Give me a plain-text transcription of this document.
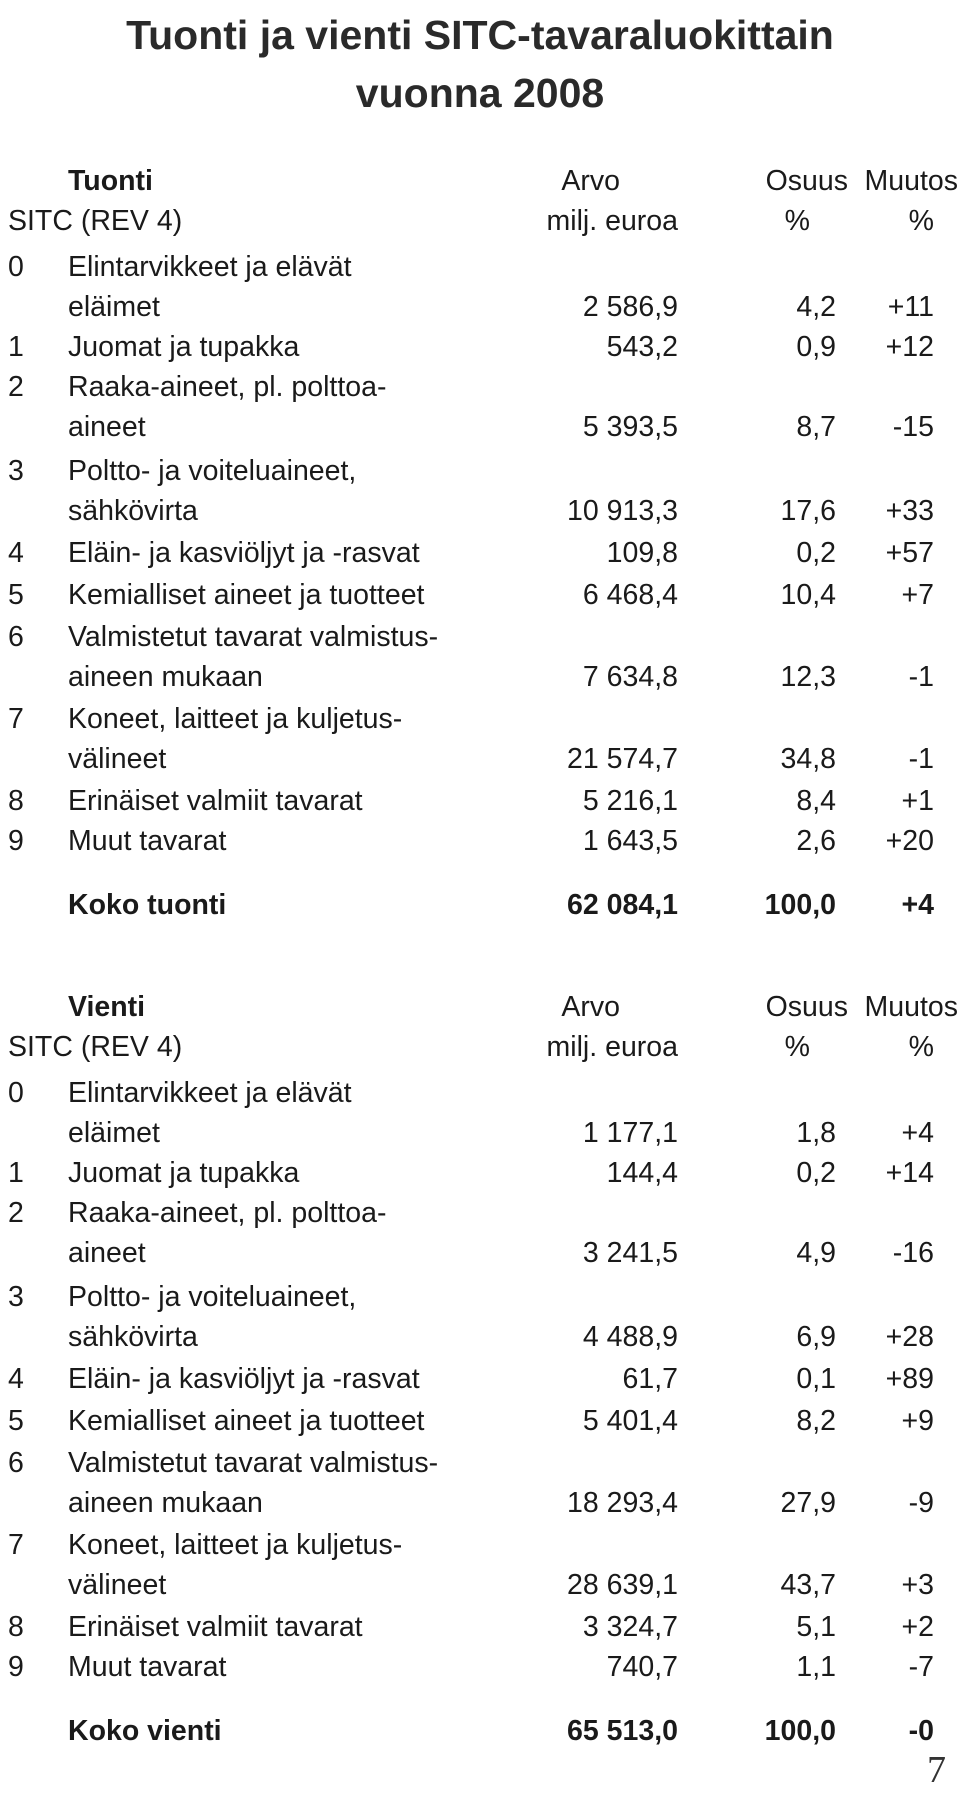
Tuonti ja vienti SITC-tavaraluokittain
vuonna 2008
Tuonti	Arvo	Osuus Muutos
SITC (REV 4)	milj. euroa	%	%
0 Elintarvikkeet ja elävät
eläimet	2 586,9	4,2 +11
1 Juomat ja tupakka	543,2	0,9 +12
2 Raaka-aineet, pl. polttoa-
aineet	5 393,5	8,7 -15
3 Poltto- ja voiteluaineet,
sähkövirta	10 913,3	17,6 +33
4 Eläin- ja kasviöljyt ja -rasvat	109,8	0,2 +57
5 Kemialliset aineet ja tuotteet	6 468,4	10,4 +7
6 Valmistetut tavarat valmistus-
aineen mukaan	7 634,8	12,3	-1
7 Koneet, laitteet ja kuljetus-
välineet	21 574,7	34,8	-1
8 Erinäiset valmiit tavarat	5 216,1	8,4 +1
9 Muut tavarat	1 643,5	2,6 +20
Koko tuonti	62 084,1	100,0 +4
Vienti	Arvo	Osuus Muutos
SITC (REV 4)	milj. euroa	%	%
0 Elintarvikkeet ja elävät
eläimet	1 177,1	1,8 +4
1 Juomat ja tupakka	144,4	0,2 +14
2 Raaka-aineet, pl. polttoa-
aineet	3 241,5	4,9 -16
3 Poltto- ja voiteluaineet,
sähkövirta	4 488,9	6,9 +28
4 Eläin- ja kasviöljyt ja -rasvat	61,7	0,1 +89
5 Kemialliset aineet ja tuotteet	5 401,4	8,2 +9
6 Valmistetut tavarat valmistus-
aineen mukaan	18 293,4	27,9	-9
7 Koneet, laitteet ja kuljetus-
välineet	28 639,1	43,7 +3
8 Erinäiset valmiit tavarat	3 324,7	5,1 +2
9 Muut tavarat	740,7	1,1	-7
Koko vienti	65 513,0	100,0	-0
7
